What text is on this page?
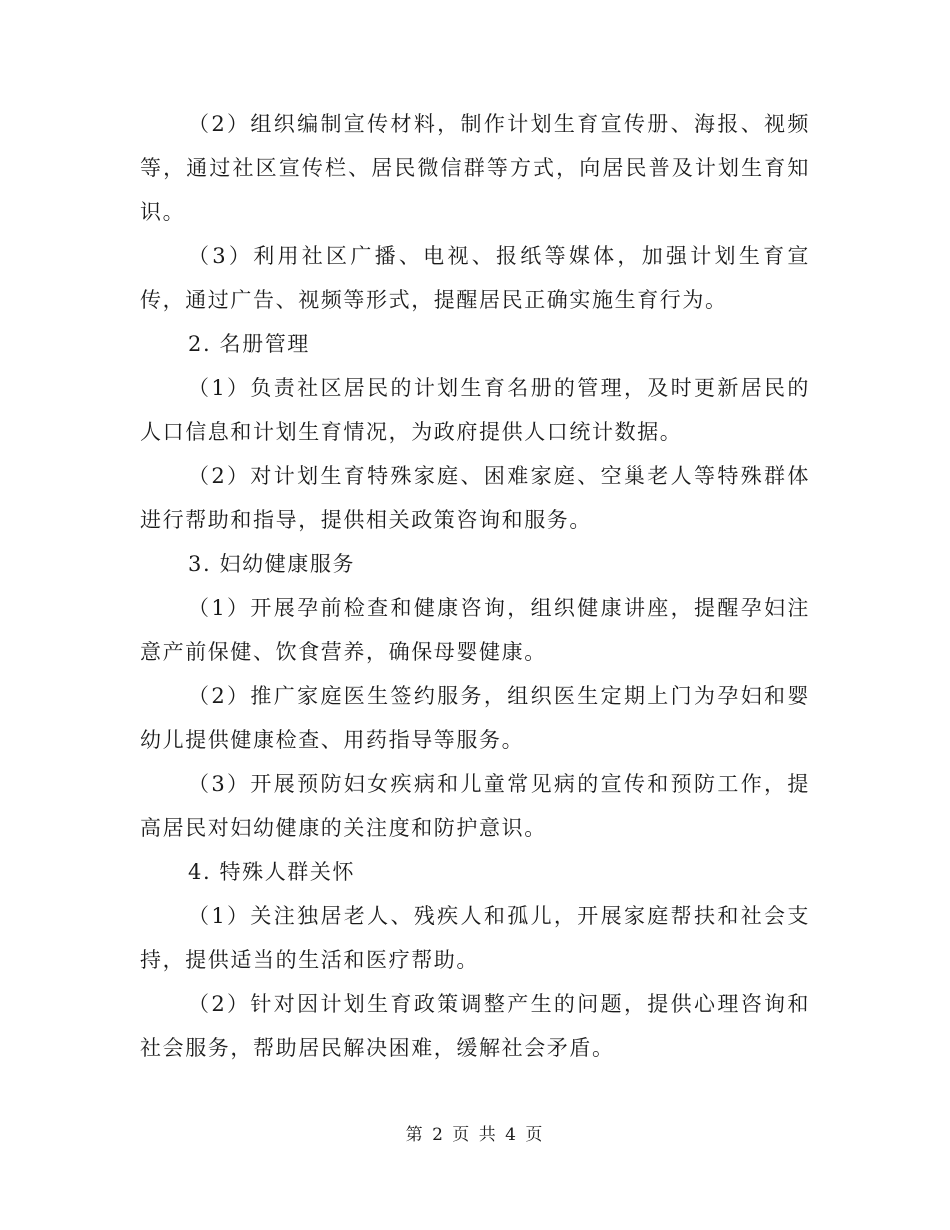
（2）组织编制宣传材料，制作计划生育宣传册、海报、视频等，通过社区宣传栏、居民微信群等方式，向居民普及计划生育知识。

（3）利用社区广播、电视、报纸等媒体，加强计划生育宣传，通过广告、视频等形式，提醒居民正确实施生育行为。

2. 名册管理

（1）负责社区居民的计划生育名册的管理，及时更新居民的人口信息和计划生育情况，为政府提供人口统计数据。

（2）对计划生育特殊家庭、困难家庭、空巢老人等特殊群体进行帮助和指导，提供相关政策咨询和服务。

3. 妇幼健康服务

（1）开展孕前检查和健康咨询，组织健康讲座，提醒孕妇注意产前保健、饮食营养，确保母婴健康。

（2）推广家庭医生签约服务，组织医生定期上门为孕妇和婴幼儿提供健康检查、用药指导等服务。

（3）开展预防妇女疾病和儿童常见病的宣传和预防工作，提高居民对妇幼健康的关注度和防护意识。

4. 特殊人群关怀

（1）关注独居老人、残疾人和孤儿，开展家庭帮扶和社会支持，提供适当的生活和医疗帮助。

（2）针对因计划生育政策调整产生的问题，提供心理咨询和社会服务，帮助居民解决困难，缓解社会矛盾。

第 2 页 共 4 页
